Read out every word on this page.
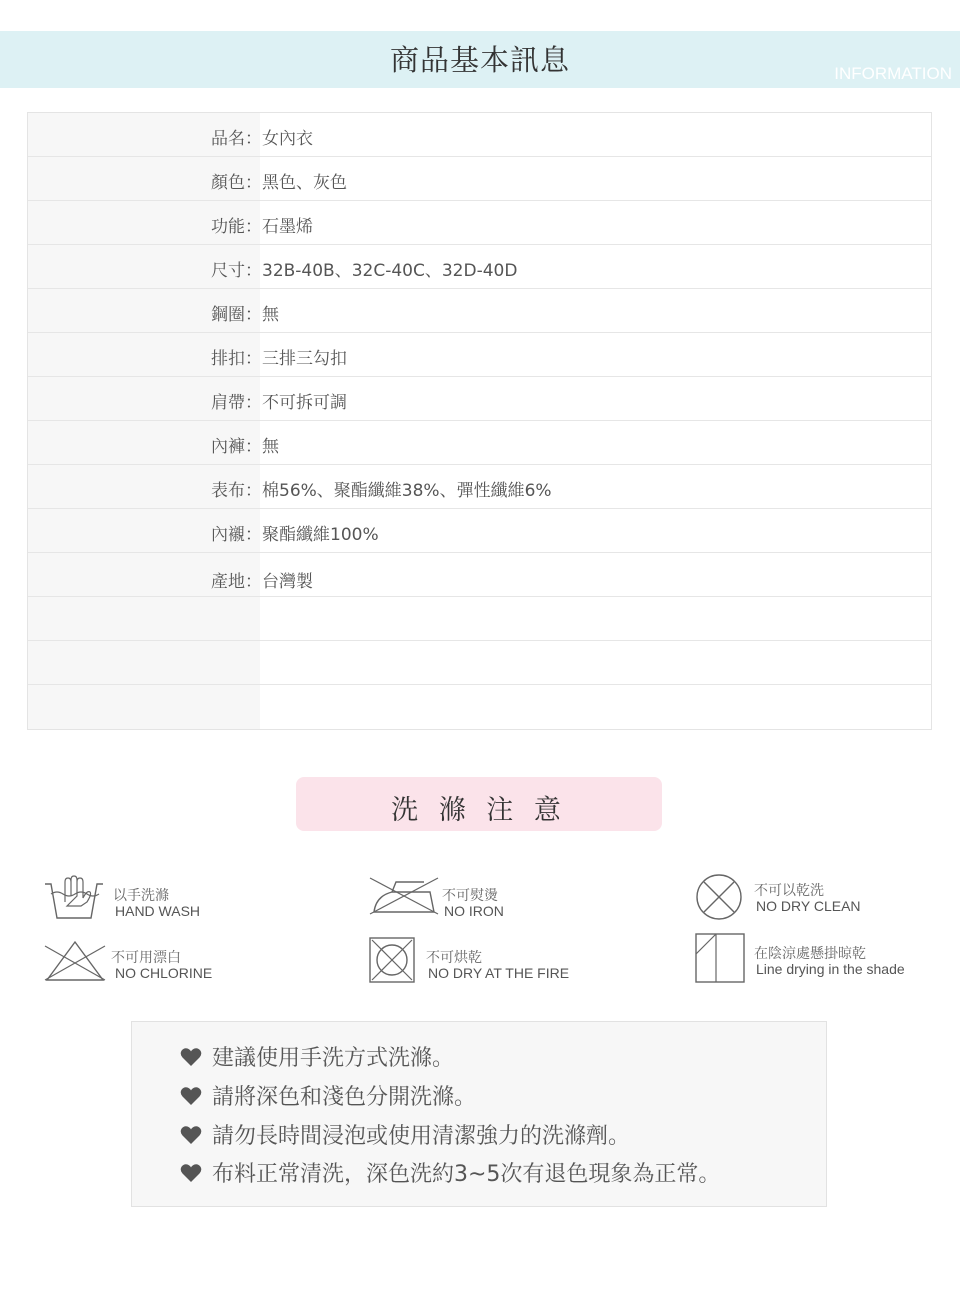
商品基本訊息	INFORMATION
品名：女內衣
顏色：黑色、灰色
功能：石墨烯
尺寸：32B-40B、32C-40C、32D-40D
鋼圈：無
排扣：三排三勾扣
肩帶：不可拆可調
內褲：無
表布：棉56%、聚酯纖維38%、彈性纖維6%
內襯：聚酯纖維100%
產地：台灣製
洗 滌 注 意
以手洗滌
HAND WASH
不可熨燙
NO IRON
不可以乾洗
NO DRY CLEAN
不可用漂白
NO CHLORINE
不可烘乾
NO DRY AT THE FIRE
在陰涼處懸掛晾乾
Line drying in the shade
建議使用手洗方式洗滌。
請將深色和淺色分開洗滌。
請勿長時間浸泡或使用清潔強力的洗滌劑。
布料正常清洗，深色洗約3~5次有退色現象為正常。
